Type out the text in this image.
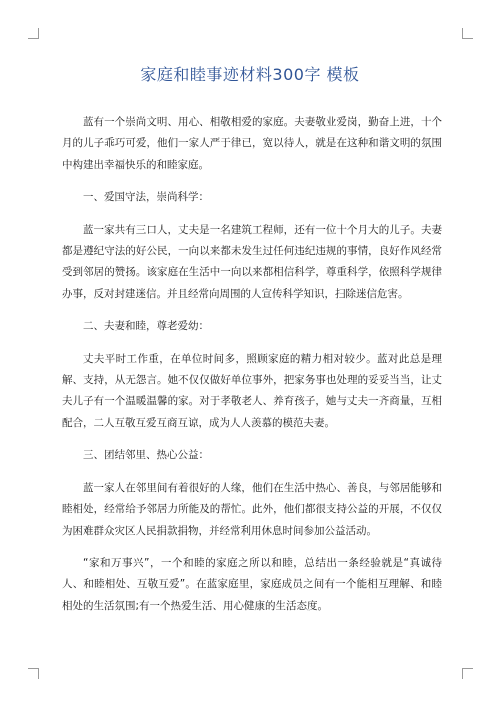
家庭和睦事迹材料300字 模板

蓝有一个崇尚文明、用心、相敬相爱的家庭。夫妻敬业爱岗，勤奋上进，十个月的儿子乖巧可爱，他们一家人严于律已，宽以待人，就是在这种和谐文明的氛围中构建出幸福快乐的和睦家庭。

一、爱国守法，崇尚科学：

蓝一家共有三口人，丈夫是一名建筑工程师，还有一位十个月大的儿子。夫妻都是遵纪守法的好公民，一向以来都未发生过任何违纪违规的事情，良好作风经常受到邻居的赞扬。该家庭在生活中一向以来都相信科学，尊重科学，依照科学规律办事，反对封建迷信。并且经常向周围的人宣传科学知识，扫除迷信危害。

二、夫妻和睦，尊老爱幼：

丈夫平时工作重，在单位时间多，照顾家庭的精力相对较少。蓝对此总是理解、支持，从无怨言。她不仅仅做好单位事外，把家务事也处理的妥妥当当，让丈夫儿子有一个温暖温馨的家。对于孝敬老人、养育孩子，她与丈夫一齐商量，互相配合，二人互敬互爱互商互谅，成为人人羡慕的模范夫妻。

三、团结邻里、热心公益：

蓝一家人在邻里间有着很好的人缘，他们在生活中热心、善良，与邻居能够和睦相处，经常给予邻居力所能及的帮忙。此外，他们都很支持公益的开展，不仅仅为困难群众灾区人民捐款捐物，并经常利用休息时间参加公益活动。

“家和万事兴”，一个和睦的家庭之所以和睦，总结出一条经验就是“真诚待人、和睦相处、互敬互爱”。在蓝家庭里，家庭成员之间有一个能相互理解、和睦相处的生活氛围;有一个热爱生活、用心健康的生活态度。
